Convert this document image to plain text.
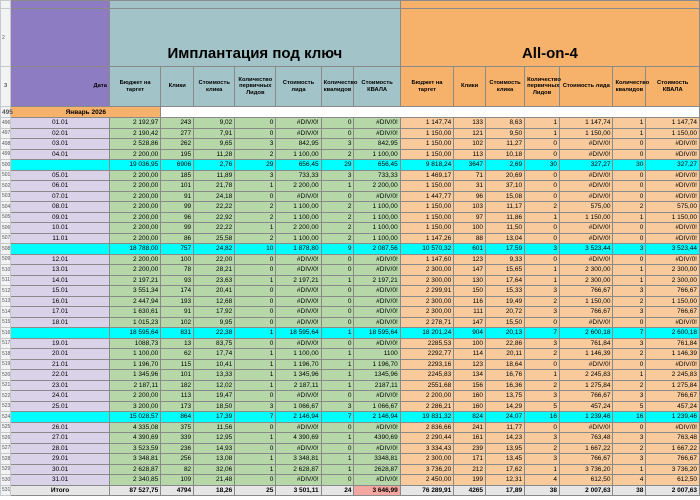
2		Имплантация под ключ							All-on-4						
3	Дата	Бюджет на таргет	Клики	Стоимость клика	Количество первичных Лидов	Стоимость лида	Количество квалидов	Стоимость КВАЛА	Бюджет на таргет	Клики	Стоимость клика	Количество первичных Лидов	Стоимость лида	Количество квалидов	Стоимость КВАЛА
495	Январь 2026														
496	01.01	2 192,97	243	9,02	0	#DIV/0!	0	#DIV/0!	1 147,74	133	8,63	1	1 147,74	1	1 147,74
497	02.01	2 190,42	277	7,91	0	#DIV/0!	0	#DIV/0!	1 150,00	121	9,50	1	1 150,00	1	1 150,00
498	03.01	2 528,86	262	9,65	3	842,95	3	842,95	1 150,00	102	11,27	0	#DIV/0!	0	#DIV/0!
499	04.01	2 200,00	195	11,28	2	1 100,00	2	1 100,00	1 150,00	113	10,18	0	#DIV/0!	0	#DIV/0!
500		19 036,95	6906	2,76	29	656,45	29	656,45	9 818,24	3647	2,69	30	327,27	30	327,27
501	05.01	2 200,00	185	11,89	3	733,33	3	733,33	1 469,17	71	20,69	0	#DIV/0!	0	#DIV/0!
502	06.01	2 200,00	101	21,78	1	2 200,00	1	2 200,00	1 150,00	31	37,10	0	#DIV/0!	0	#DIV/0!
503	07.01	2 200,00	91	24,18	0	#DIV/0!	0	#DIV/0!	1 447,77	96	15,08	0	#DIV/0!	0	#DIV/0!
504	08.01	2 200,00	99	22,22	2	1 100,00	2	1 100,00	1 150,00	103	11,17	2	575,00	2	575,00
505	09.01	2 200,00	96	22,92	2	1 100,00	2	1 100,00	1 150,00	97	11,86	1	1 150,00	1	1 150,00
506	10.01	2 200,00	99	22,22	1	2 200,00	2	1 100,00	1 150,00	100	11,50	0	#DIV/0!	0	#DIV/0!
507	11.01	2 200,00	86	25,58	2	1 100,00	2	1 100,00	1 147,26	88	13,04	0	#DIV/0!	0	#DIV/0!
508		18 788,00	757	24,82	10	1 878,80	9	2 087,56	10 570,32	601	17,59	3	3 523,44	3	3 523,44
509	12.01	2 200,00	100	22,00	0	#DIV/0!	0	#DIV/0!	1 147,60	123	9,33	0	#DIV/0!	0	#DIV/0!
510	13.01	2 200,00	78	28,21	0	#DIV/0!	0	#DIV/0!	2 300,00	147	15,65	1	2 300,00	1	2 300,00
511	14.01	2 197,21	93	23,63	1	2 197,21	1	2 197,21	2 300,00	130	17,64	1	2 300,00	1	2 300,00
512	15.01	3 551,34	174	20,41	0	#DIV/0!	0	#DIV/0!	2 299,91	150	15,33	3	766,67	3	766,67
513	16.01	2 447,94	193	12,68	0	#DIV/0!	0	#DIV/0!	2 300,00	116	19,49	2	1 150,00	2	1 150,00
514	17.01	1 630,61	91	17,92	0	#DIV/0!	0	#DIV/0!	2 300,00	111	20,72	3	766,67	3	766,67
515	18.01	1 015,23	102	9,95	0	#DIV/0!	0	#DIV/0!	2 278,71	147	15,50	0	#DIV/0!	0	#DIV/0!
516		18 595,64	831	22,38	1	18 595,64	1	18 595,64	18 201,24	904	20,13	7	2 600,18	7	2 600,18
517	19.01	1088,73	13	83,75	0	#DIV/0!	0	#DIV/0!	2285,53	100	22,86	3	761,84	3	761,84
518	20.01	1 100,00	62	17,74	1	1 100,00	1	1100	2292,77	114	20,11	2	1 146,39	2	1 146,39
519	21.01	1 196,70	115	10,41	1	1 196,70	1	1 196,70	2293,16	123	18,64	0	#DIV/0!	0	#DIV/0!
520	22.01	1 345,96	101	13,33	1	1 345,96	1	1345,96	2245,83	134	16,76	1	2 245,83	1	2 245,83
521	23.01	2 187,11	182	12,02	1	2 187,11	1	2187,11	2551,68	156	16,36	2	1 275,84	2	1 275,84
522	24.01	2 200,00	113	19,47	0	#DIV/0!	0	#DIV/0!	2 200,00	160	13,75	3	766,67	3	766,67
523	25.01	3 200,00	173	18,50	3	1 066,67	3	1 066,67	2 286,21	160	14,29	5	457,24	5	457,24
524		15 028,57	864	17,39	7	2 146,94	7	2 146,94	19 831,32	824	24,07	16	1 239,46	16	1 239,46
525	26.01	4 335,08	375	11,56	0	#DIV/0!	0	#DIV/0!	2 836,66	241	11,77	0	#DIV/0!	0	#DIV/0!
526	27.01	4 390,69	339	12,95	1	4 390,69	1	4390,69	2 290,44	161	14,23	3	763,48	3	763,48
527	28.01	3 523,59	236	14,93	0	#DIV/0!	0	#DIV/0!	3 334,43	239	13,95	2	1 667,22	2	1 667,22
528	29.01	3 348,81	256	13,08	1	3 348,81	1	3348,81	2 300,00	171	13,45	3	766,67	3	766,67
529	30.01	2 628,87	82	32,06	1	2 628,87	1	2628,87	3 736,20	212	17,62	1	3 736,20	1	3 736,20
530	31.01	2 340,85	109	21,48	0	#DIV/0!	0	#DIV/0!	2 450,00	199	12,31	4	612,50	4	612,50
531	Итого	87 527,75	4794	18,26	25	3 501,11	24	3 646,99	76 289,91	4265	17,89	38	2 007,63	38	2 007,63
